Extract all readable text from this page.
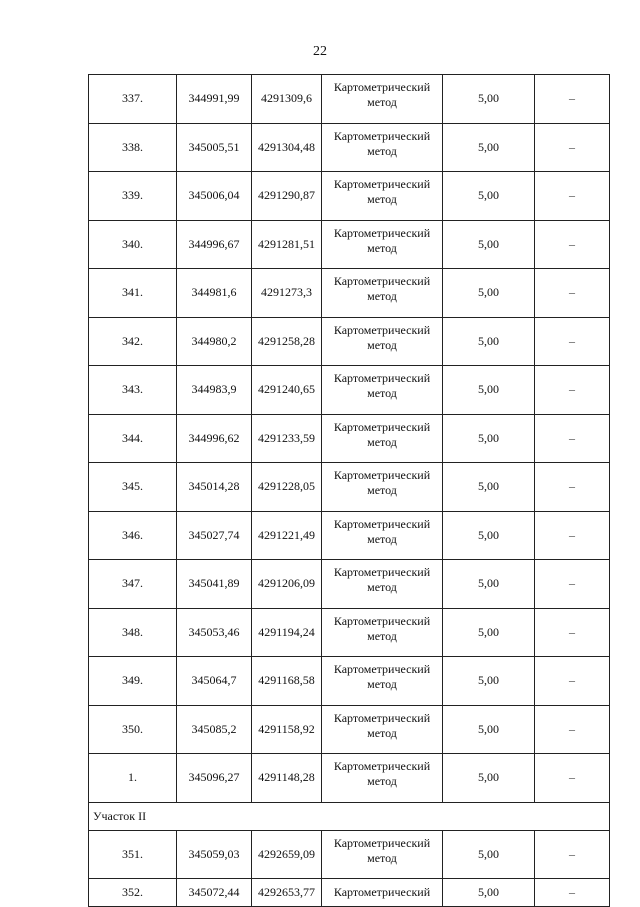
22
337.	344991,99	4291309,6	Картометрический метод	5,00	–
338.	345005,51	4291304,48	Картометрический метод	5,00	–
339.	345006,04	4291290,87	Картометрический метод	5,00	–
340.	344996,67	4291281,51	Картометрический метод	5,00	–
341.	344981,6	4291273,3	Картометрический метод	5,00	–
342.	344980,2	4291258,28	Картометрический метод	5,00	–
343.	344983,9	4291240,65	Картометрический метод	5,00	–
344.	344996,62	4291233,59	Картометрический метод	5,00	–
345.	345014,28	4291228,05	Картометрический метод	5,00	–
346.	345027,74	4291221,49	Картометрический метод	5,00	–
347.	345041,89	4291206,09	Картометрический метод	5,00	–
348.	345053,46	4291194,24	Картометрический метод	5,00	–
349.	345064,7	4291168,58	Картометрический метод	5,00	–
350.	345085,2	4291158,92	Картометрический метод	5,00	–
1.	345096,27	4291148,28	Картометрический метод	5,00	–
Участок II					
351.	345059,03	4292659,09	Картометрический метод	5,00	–
352.	345072,44	4292653,77	Картометрический	5,00	–
